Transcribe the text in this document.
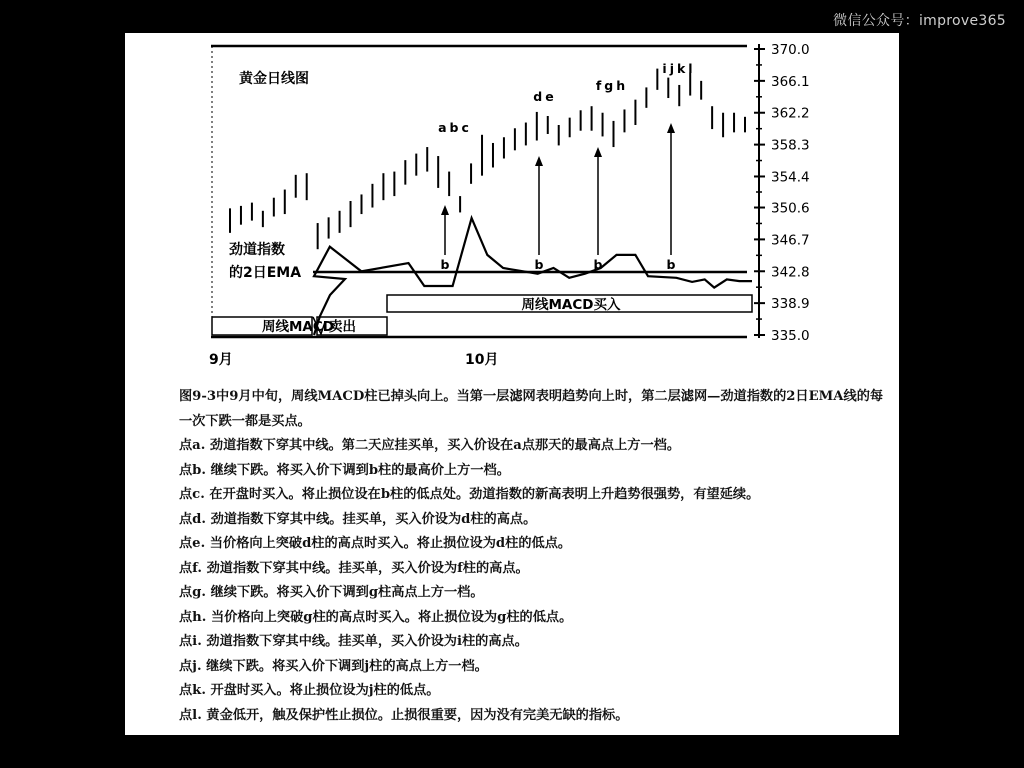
微信公众号：improve365
370.0
366.1
362.2
358.3
354.4
350.6
346.7
342.8
338.9
335.0
黄金日线图
劲道指数
的2日EMA
周线MACD
卖出
周线MACD买入
9月	10月
abc
de
fgh
ijkl
b	b	b	b

图9-3中9月中旬，周线MACD柱已掉头向上。当第一层滤网表明趋势向上时，第二层滤网—劲道指数的2日EMA线的每一次下跌一都是买点。

点a. 劲道指数下穿其中线。第二天应挂买单，买入价设在a点那天的最高点上方一档。

点b. 继续下跌。将买入价下调到b柱的最高价上方一档。

点c. 在开盘时买入。将止损位设在b柱的低点处。劲道指数的新高表明上升趋势很强势，有望延续。

点d. 劲道指数下穿其中线。挂买单，买入价设为d柱的高点。

点e. 当价格向上突破d柱的高点时买入。将止损位设为d柱的低点。

点f. 劲道指数下穿其中线。挂买单，买入价设为f柱的高点。

点g. 继续下跌。将买入价下调到g柱高点上方一档。

点h. 当价格向上突破g柱的高点时买入。将止损位设为g柱的低点。

点i. 劲道指数下穿其中线。挂买单，买入价设为i柱的高点。

点j. 继续下跌。将买入价下调到j柱的高点上方一档。

点k. 开盘时买入。将止损位设为j柱的低点。

点l. 黄金低开，触及保护性止损位。止损很重要，因为没有完美无缺的指标。
